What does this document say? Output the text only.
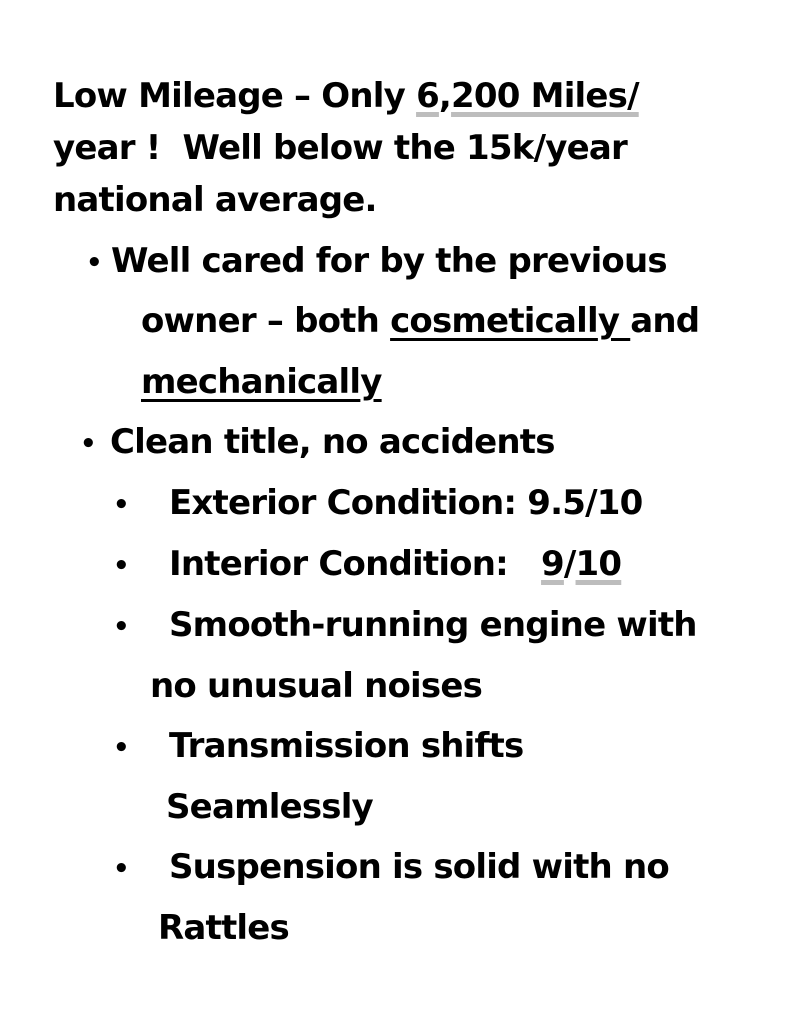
Low Mileage – Only 6,200 Miles/
year !  Well below the 15k/year
national average.
• Well cared for by the previous
owner – both cosmetically and
mechanically
• Clean title, no accidents
• Exterior Condition: 9.5/10
• Interior Condition:   9/10
• Smooth-running engine with
no unusual noises
• Transmission shifts
Seamlessly
• Suspension is solid with no
Rattles
